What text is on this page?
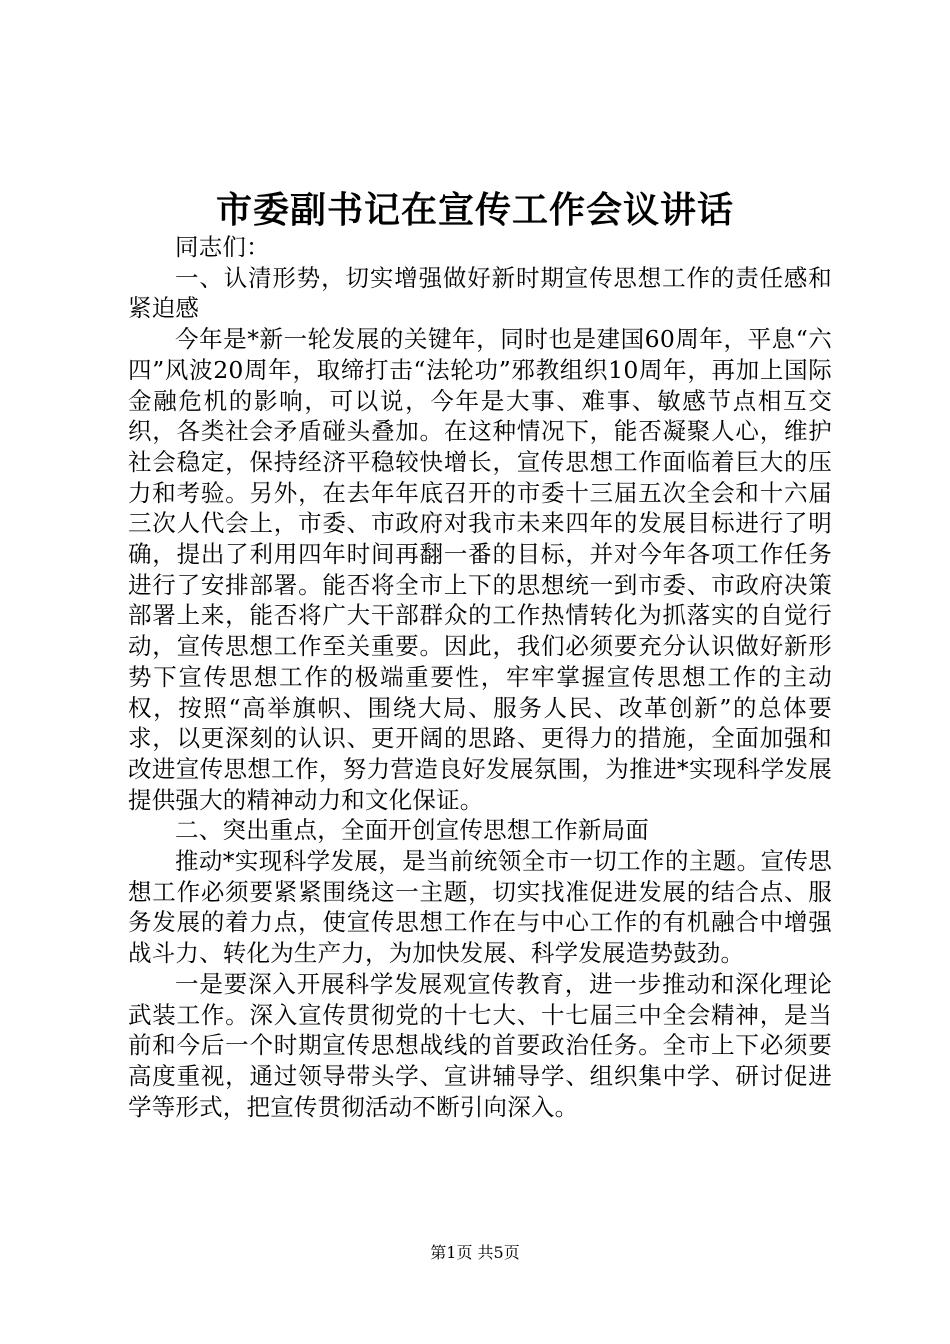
市委副书记在宣传工作会议讲话

同志们：

一、认清形势，切实增强做好新时期宣传思想工作的责任感和紧迫感

今年是*新一轮发展的关键年，同时也是建国60周年，平息“六四”风波20周年，取缔打击“法轮功”邪教组织10周年，再加上国际金融危机的影响，可以说，今年是大事、难事、敏感节点相互交织，各类社会矛盾碰头叠加。在这种情况下，能否凝聚人心，维护社会稳定，保持经济平稳较快增长，宣传思想工作面临着巨大的压力和考验。另外，在去年年底召开的市委十三届五次全会和十六届三次人代会上，市委、市政府对我市未来四年的发展目标进行了明确，提出了利用四年时间再翻一番的目标，并对今年各项工作任务进行了安排部署。能否将全市上下的思想统一到市委、市政府决策部署上来，能否将广大干部群众的工作热情转化为抓落实的自觉行动，宣传思想工作至关重要。因此，我们必须要充分认识做好新形势下宣传思想工作的极端重要性，牢牢掌握宣传思想工作的主动权，按照“高举旗帜、围绕大局、服务人民、改革创新”的总体要求，以更深刻的认识、更开阔的思路、更得力的措施，全面加强和改进宣传思想工作，努力营造良好发展氛围，为推进*实现科学发展提供强大的精神动力和文化保证。

二、突出重点，全面开创宣传思想工作新局面

推动*实现科学发展，是当前统领全市一切工作的主题。宣传思想工作必须要紧紧围绕这一主题，切实找准促进发展的结合点、服务发展的着力点，使宣传思想工作在与中心工作的有机融合中增强战斗力、转化为生产力，为加快发展、科学发展造势鼓劲。

一是要深入开展科学发展观宣传教育，进一步推动和深化理论武装工作。深入宣传贯彻党的十七大、十七届三中全会精神，是当前和今后一个时期宣传思想战线的首要政治任务。全市上下必须要高度重视，通过领导带头学、宣讲辅导学、组织集中学、研讨促进学等形式，把宣传贯彻活动不断引向深入。

第1页 共5页
